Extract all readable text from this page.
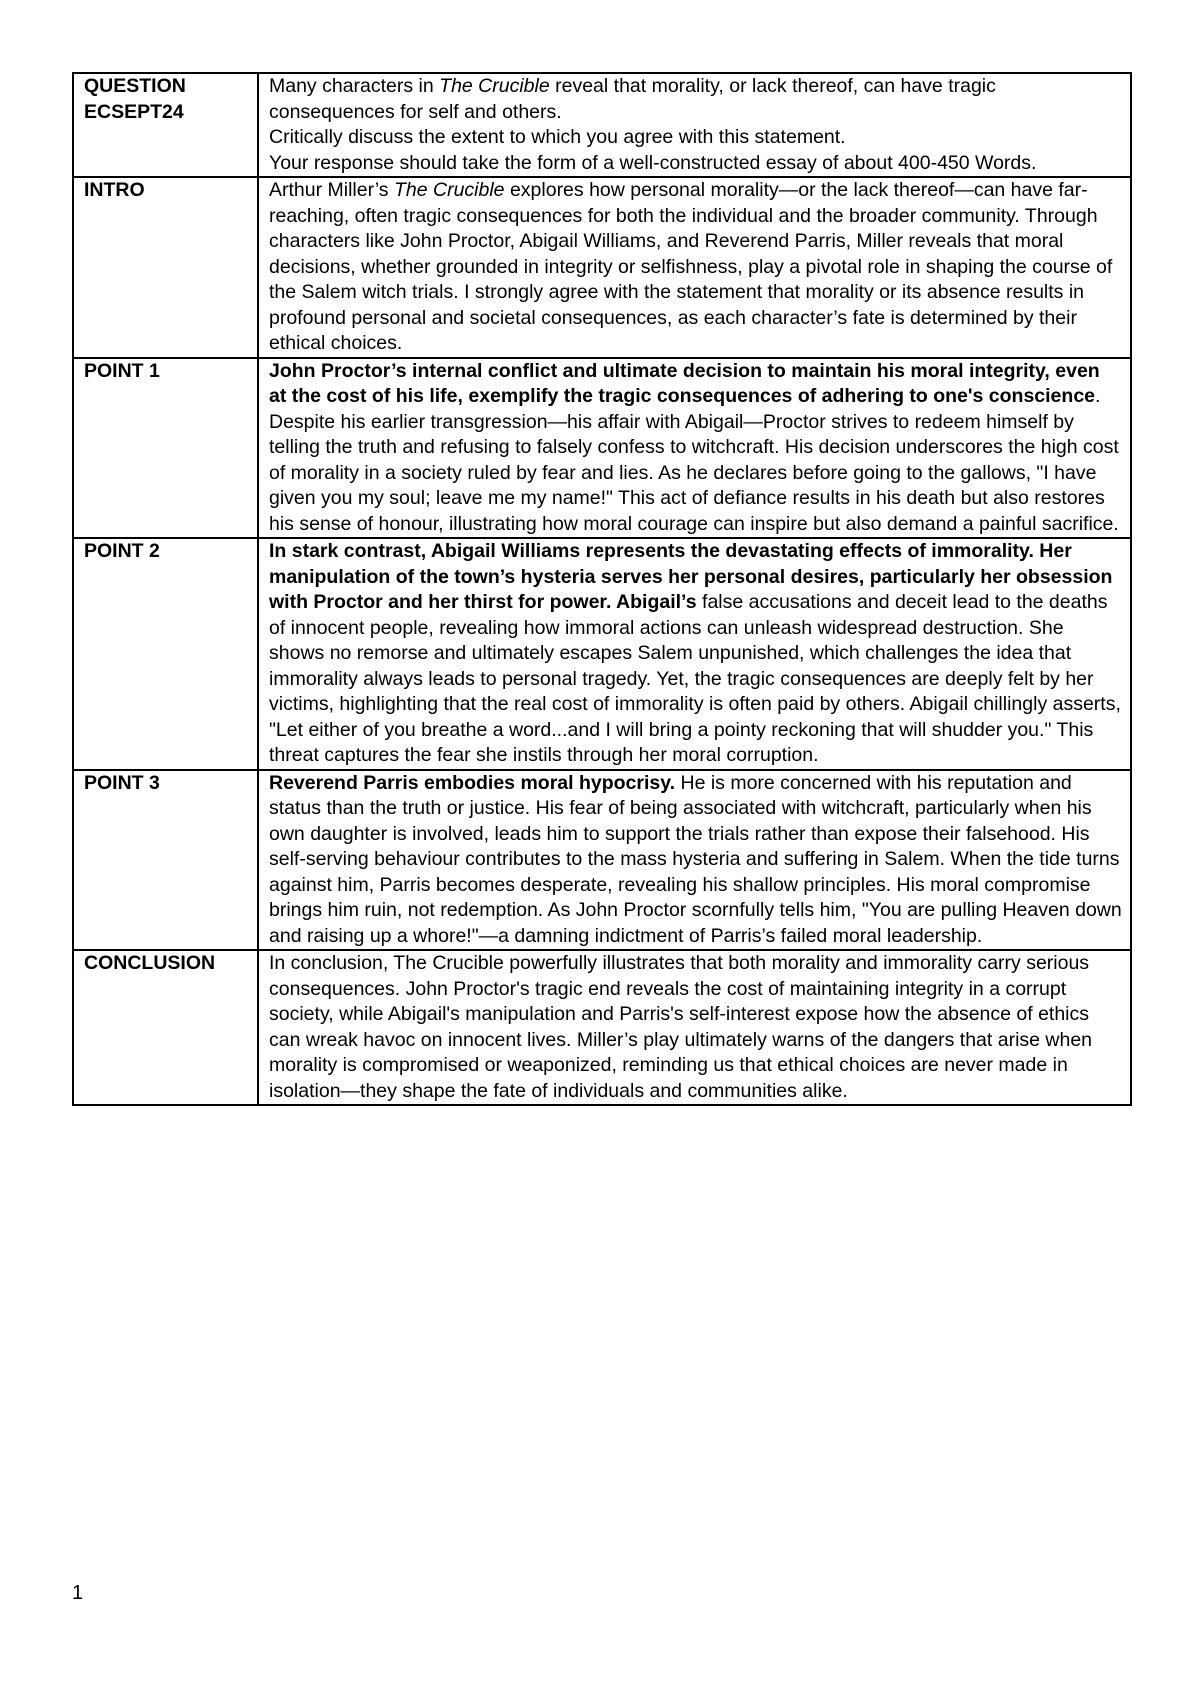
QUESTION
ECSEPT24	Many characters in The Crucible reveal that morality, or lack thereof, can have tragic consequences for self and others.
Critically discuss the extent to which you agree with this statement.
Your response should take the form of a well-constructed essay of about 400-450 Words.

INTRO	Arthur Miller’s The Crucible explores how personal morality—or the lack thereof—can have far-reaching, often tragic consequences for both the individual and the broader community. Through characters like John Proctor, Abigail Williams, and Reverend Parris, Miller reveals that moral decisions, whether grounded in integrity or selfishness, play a pivotal role in shaping the course of the Salem witch trials. I strongly agree with the statement that morality or its absence results in profound personal and societal consequences, as each character’s fate is determined by their ethical choices.
POINT 1	John Proctor’s internal conflict and ultimate decision to maintain his moral integrity, even at the cost of his life, exemplify the tragic consequences of adhering to one's conscience. Despite his earlier transgression—his affair with Abigail—Proctor strives to redeem himself by telling the truth and refusing to falsely confess to witchcraft. His decision underscores the high cost of morality in a society ruled by fear and lies. As he declares before going to the gallows, "I have given you my soul; leave me my name!" This act of defiance results in his death but also restores his sense of honour, illustrating how moral courage can inspire but also demand a painful sacrifice.
POINT 2	In stark contrast, Abigail Williams represents the devastating effects of immorality. Her manipulation of the town’s hysteria serves her personal desires, particularly her obsession with Proctor and her thirst for power. Abigail’s false accusations and deceit lead to the deaths of innocent people, revealing how immoral actions can unleash widespread destruction. She shows no remorse and ultimately escapes Salem unpunished, which challenges the idea that immorality always leads to personal tragedy. Yet, the tragic consequences are deeply felt by her victims, highlighting that the real cost of immorality is often paid by others. Abigail chillingly asserts, "Let either of you breathe a word...and I will bring a pointy reckoning that will shudder you." This threat captures the fear she instils through her moral corruption.
POINT 3	Reverend Parris embodies moral hypocrisy. He is more concerned with his reputation and status than the truth or justice. His fear of being associated with witchcraft, particularly when his own daughter is involved, leads him to support the trials rather than expose their falsehood. His self-serving behaviour contributes to the mass hysteria and suffering in Salem. When the tide turns against him, Parris becomes desperate, revealing his shallow principles. His moral compromise brings him ruin, not redemption. As John Proctor scornfully tells him, "You are pulling Heaven down and raising up a whore!"—a damning indictment of Parris’s failed moral leadership.
CONCLUSION	In conclusion, The Crucible powerfully illustrates that both morality and immorality carry serious consequences. John Proctor's tragic end reveals the cost of maintaining integrity in a corrupt society, while Abigail's manipulation and Parris's self-interest expose how the absence of ethics can wreak havoc on innocent lives. Miller’s play ultimately warns of the dangers that arise when morality is compromised or weaponized, reminding us that ethical choices are never made in isolation—they shape the fate of individuals and communities alike.
1
